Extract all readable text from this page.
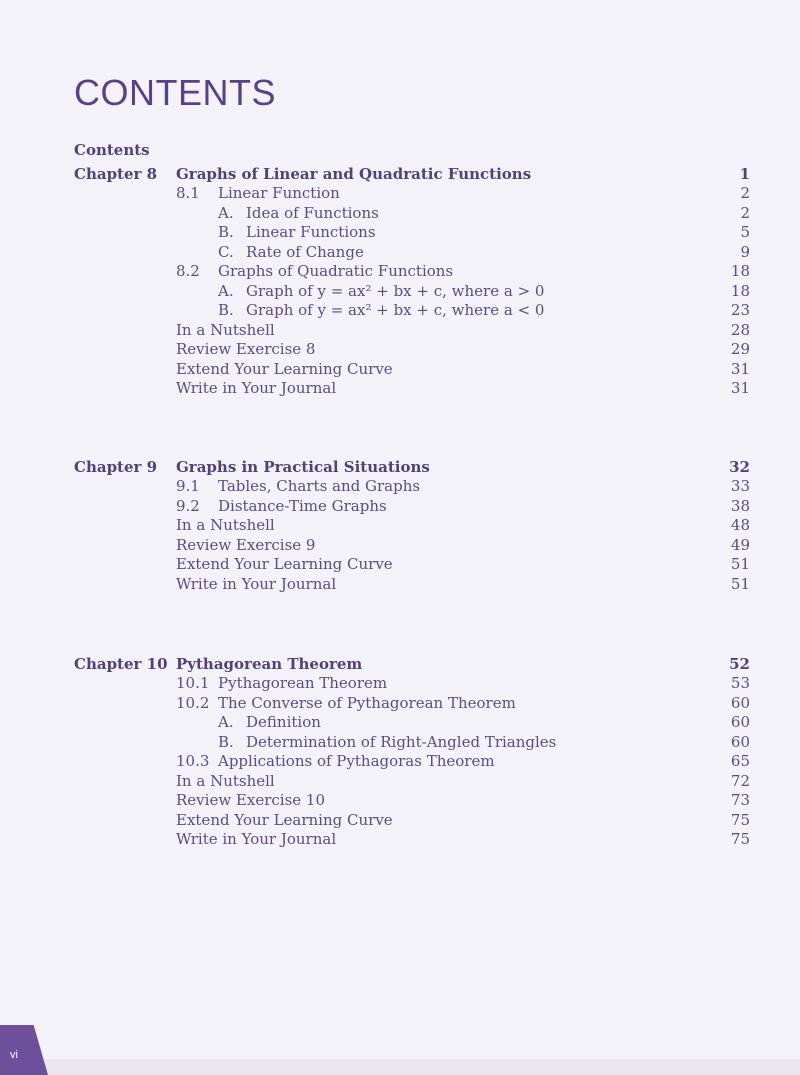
CONTENTS
Contents
Chapter 8 Graphs of Linear and Quadratic Functions	1
8.1 Linear Function	2
A. Idea of Functions	2
B. Linear Functions	5
C. Rate of Change	9
8.2 Graphs of Quadratic Functions	18
A. Graph of y = ax² + bx + c, where a > 0	18
B. Graph of y = ax² + bx + c, where a < 0	23
In a Nutshell	28
Review Exercise 8	29
Extend Your Learning Curve	31
Write in Your Journal	31
Chapter 9 Graphs in Practical Situations	32
9.1 Tables, Charts and Graphs	33
9.2 Distance-Time Graphs	38
In a Nutshell	48
Review Exercise 9	49
Extend Your Learning Curve	51
Write in Your Journal	51
Chapter 10 Pythagorean Theorem	52
10.1 Pythagorean Theorem	53
10.2 The Converse of Pythagorean Theorem	60
A. Definition	60
B. Determination of Right-Angled Triangles	60
10.3 Applications of Pythagoras Theorem	65
In a Nutshell	72
Review Exercise 10	73
Extend Your Learning Curve	75
Write in Your Journal	75
vi
